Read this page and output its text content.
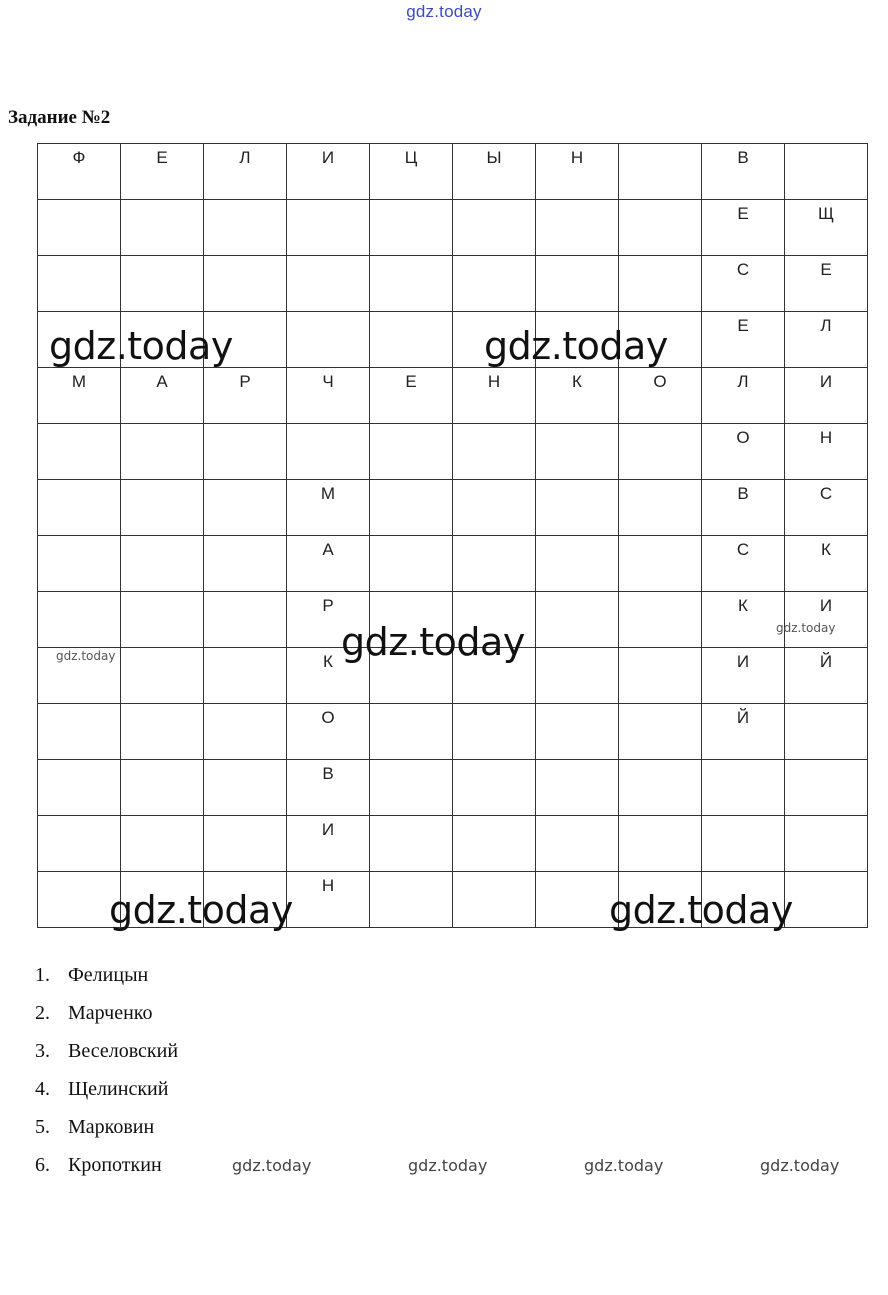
gdz.today
Задание №2
Ф	Е	Л	И	Ц	Ы	Н		В	
								Е	Щ
								С	Е
								Е	Л
М	А	Р	Ч	Е	Н	К	О	Л	И
								О	Н
			М					В	С
			А					С	К
			Р					К	И
			К					И	Й
			О					Й	
			В						
			И						
			Н						
1. Фелицын
2. Марченко
3. Веселовский
4. Щелинский
5. Марковин
6. Кропоткин
gdz.today	gdz.today
gdz.today
gdz.today	gdz.today
gdz.today
gdz.today
gdz.today	gdz.today	gdz.today	gdz.today
